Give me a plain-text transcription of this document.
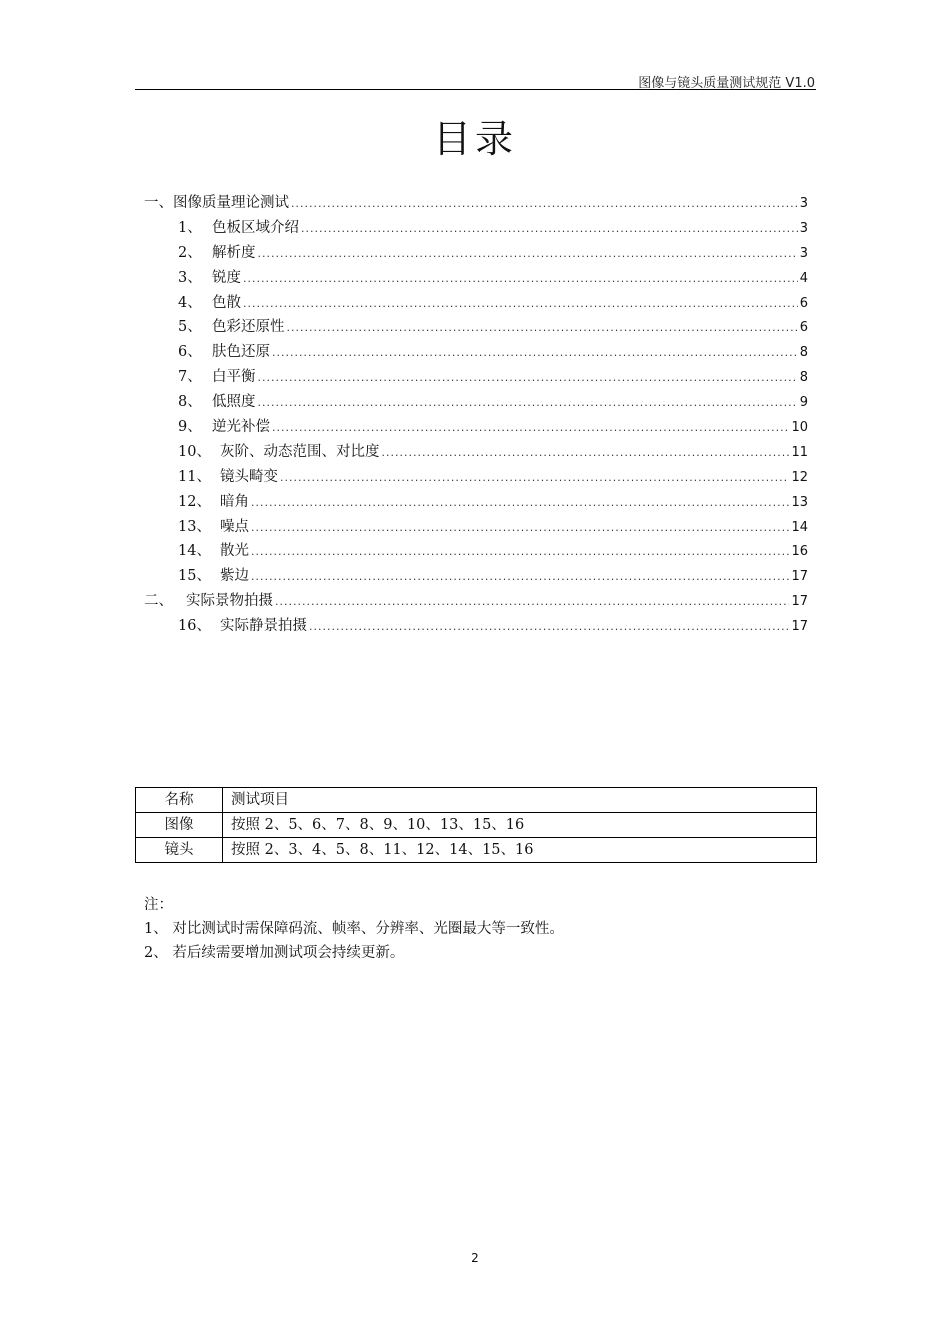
图像与镜头质量测试规范 V1.0
目录
一、图像质量理论测试 .....	3
1、 色板区域介绍 .....	3
2、 解析度 .....	3
3、 锐度 .....	4
4、 色散 .....	6
5、 色彩还原性 .....	6
6、 肤色还原 .....	8
7、 白平衡 .....	8
8、 低照度 .....	9
9、 逆光补偿 .....	10
10、 灰阶、动态范围、对比度 .....	11
11、 镜头畸变 .....	12
12、 暗角 .....	13
13、 噪点 .....	14
14、 散光 .....	16
15、 紫边 .....	17
二、 实际景物拍摄 .....	17
16、 实际静景拍摄 .....	17
名称	测试项目
图像	按照 2、5、6、7、8、9、10、13、15、16
镜头	按照 2、3、4、5、8、11、12、14、15、16
注：
1、 对比测试时需保障码流、帧率、分辨率、光圈最大等一致性。
2、 若后续需要增加测试项会持续更新。
2
